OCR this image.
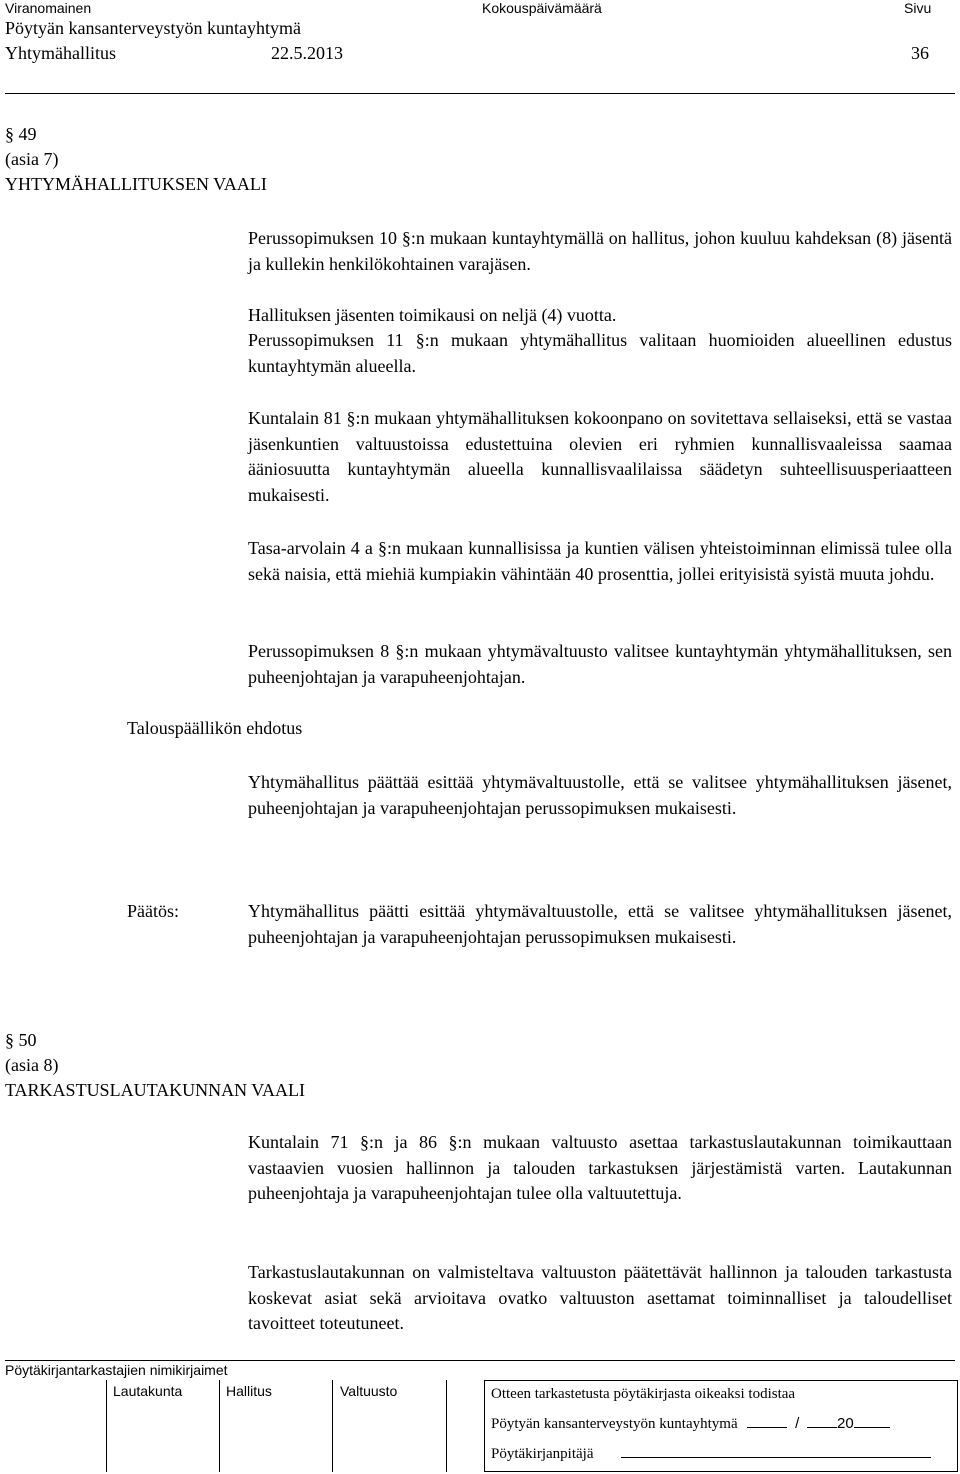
Viranomainen	Kokouspäivämäärä	Sivu
Pöytyän kansanterveystyön kuntayhtymä
Yhtymähallitus	22.5.2013	36
§ 49
(asia 7)
YHTYMÄHALLITUKSEN VAALI
Perussopimuksen 10 §:n mukaan kuntayhtymällä on hallitus, johon kuuluu kahdeksan (8) jäsentä ja kullekin henkilökohtainen varajäsen.
Hallituksen jäsenten toimikausi on neljä (4) vuotta.
Perussopimuksen 11 §:n mukaan yhtymähallitus valitaan huomioiden alueellinen edustus kuntayhtymän alueella.
Kuntalain 81 §:n mukaan yhtymähallituksen kokoonpano on sovitettava sellaiseksi, että se vastaa jäsenkuntien valtuustoissa edustettuina olevien eri ryhmien kunnallisvaaleissa saamaa ääniosuutta kuntayhtymän alueella kunnallisvaalilaissa säädetyn suhteellisuusperiaatteen mukaisesti.
Tasa-arvolain 4 a §:n mukaan kunnallisissa ja kuntien välisen yhteistoiminnan elimissä tulee olla sekä naisia, että miehiä kumpiakin vähintään 40 prosenttia, jollei erityisistä syistä muuta johdu.
Perussopimuksen 8 §:n mukaan yhtymävaltuusto valitsee kuntayhtymän yhtymähallituksen, sen puheenjohtajan ja varapuheenjohtajan.
Talouspäällikön ehdotus
Yhtymähallitus päättää esittää yhtymävaltuustolle, että se valitsee yhtymähallituksen jäsenet, puheenjohtajan ja varapuheenjohtajan perussopimuksen mukaisesti.
Päätös:	Yhtymähallitus päätti esittää yhtymävaltuustolle, että se valitsee yhtymähallituksen jäsenet, puheenjohtajan ja varapuheenjohtajan perussopimuksen mukaisesti.
§ 50
(asia 8)
TARKASTUSLAUTAKUNNAN VAALI
Kuntalain 71 §:n ja 86 §:n mukaan valtuusto asettaa tarkastuslautakunnan toimikauttaan vastaavien vuosien hallinnon ja talouden tarkastuksen järjestämistä varten. Lautakunnan puheenjohtaja ja varapuheenjohtajan tulee olla valtuutettuja.
Tarkastuslautakunnan on valmisteltava valtuuston päätettävät hallinnon ja talouden tarkastusta koskevat asiat sekä arvioitava ovatko valtuuston asettamat toiminnalliset ja taloudelliset tavoitteet toteutuneet.
Pöytäkirjantarkastajien nimikirjaimet
Lautakunta	Hallitus	Valtuusto	Otteen tarkastetusta pöytäkirjasta oikeaksi todistaa
Pöytyän kansanterveystyön kuntayhtymä	/	20
Pöytäkirjanpitäjä
